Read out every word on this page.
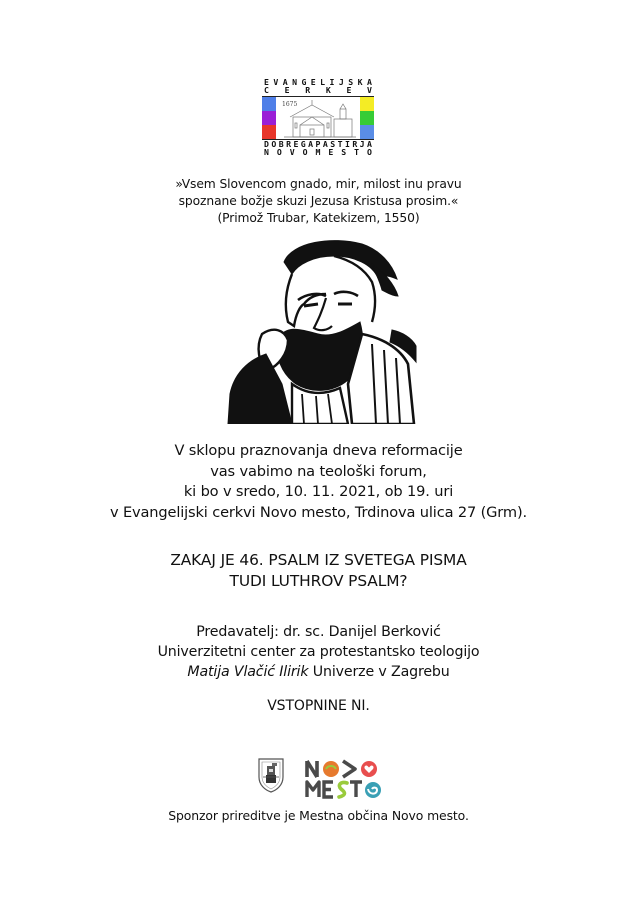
E V A N G E L I J S K A
C E R K E V
1675
D O B R E G A P A S T I R J A
N O V O M E S T O
»Vsem Slovencom gnado, mir, milost inu pravu
spoznane božje skuzi Jezusa Kristusa prosim.«
(Primož Trubar, Katekizem, 1550)
V sklopu praznovanja dneva reformacije
vas vabimo na teološki forum,
ki bo v sredo, 10. 11. 2021, ob 19. uri
v Evangelijski cerkvi Novo mesto, Trdinova ulica 27 (Grm).
ZAKAJ JE 46. PSALM IZ SVETEGA PISMA
TUDI LUTHROV PSALM?
Predavatelj: dr. sc. Danijel Berković
Univerzitetni center za protestantsko teologijo
Matija Vlačić Ilirik Univerze v Zagrebu
VSTOPNINE NI.
Sponzor prireditve je Mestna občina Novo mesto.
